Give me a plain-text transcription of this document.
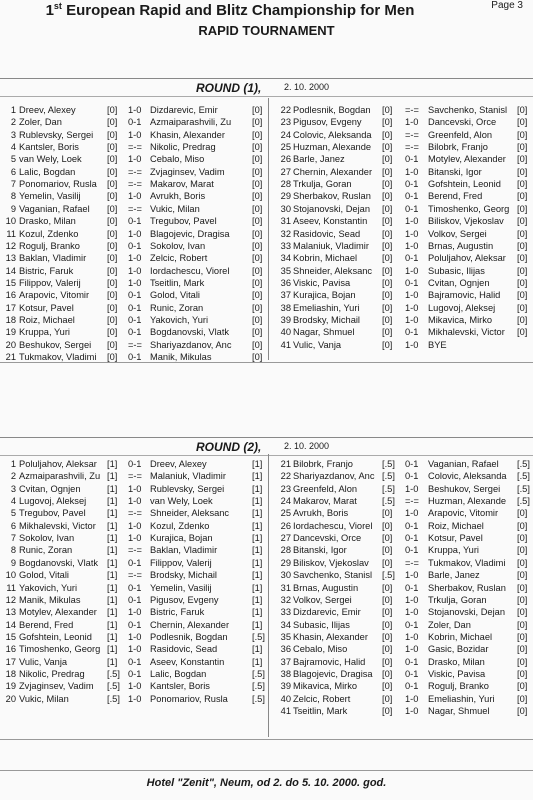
1st European Rapid and Blitz Championship for Men	Page 3
RAPID TOURNAMENT
ROUND (1),	2. 10. 2000
1 Dreev, Alexey	[0]	1-0 Dizdarevic, Emir	[0]	22 Podlesnik, Bogdan	[0]	=-= Savchenko, Stanisl	[0]
2 Zoler, Dan	[0]	0-1 Azmaiparashvili, Zu	[0]	23 Pigusov, Evgeny	[0]	1-0	Dancevski, Orce	[0]
3 Rublevsky, Sergei	[0]	1-0 Khasin, Alexander	[0]	24 Colovic, Aleksanda	[0]	=-= Greenfeld, Alon	[0]
4 Kantsler, Boris	[0]	=-= Nikolic, Predrag	[0]	25 Huzman, Alexande	[0]	=-= Bilobrk, Franjo	[0]
5 van Wely, Loek	[0]	1-0 Cebalo, Miso	[0]	26 Barle, Janez	[0]	0-1	Motylev, Alexander	[0]
6 Lalic, Bogdan	[0]	=-= Zvjaginsev, Vadim	[0]	27 Chernin, Alexander	[0]	1-0	Bitanski, Igor	[0]
7 Ponomariov, Rusla	[0]	=-= Makarov, Marat	[0]	28 Trkulja, Goran	[0]	0-1	Gofshtein, Leonid	[0]
8 Yemelin, Vasilij	[0]	1-0 Avrukh, Boris	[0]	29 Sherbakov, Ruslan	[0]	0-1	Berend, Fred	[0]
9 Vaganian, Rafael	[0]	=-= Vukic, Milan	[0]	30 Stojanovski, Dejan	[0]	0-1	Timoshenko, Georg [0]
10 Drasko, Milan	[0]	0-1 Tregubov, Pavel	[0]	31 Aseev, Konstantin	[0]	1-0	Biliskov, Vjekoslav	[0]
11 Kozul, Zdenko	[0]	1-0 Blagojevic, Dragisa	[0]	32 Rasidovic, Sead	[0]	1-0	Volkov, Sergei	[0]
12 Rogulj, Branko	[0]	0-1 Sokolov, Ivan	[0]	33 Malaniuk, Vladimir	[0]	1-0	Brnas, Augustin	[0]
13 Baklan, Vladimir	[0]	1-0 Zelcic, Robert	[0]	34 Kobrin, Michael	[0]	0-1	Poluljahov, Aleksar	[0]
14 Bistric, Faruk	[0]	1-0 Iordachescu, Viorel	[0]	35 Shneider, Aleksanc	[0]	1-0	Subasic, Ilijas	[0]
15 Filippov, Valerij	[0]	1-0 Tseitlin, Mark	[0]	36 Viskic, Pavisa	[0]	0-1	Cvitan, Ognjen	[0]
16 Arapovic, Vitomir	[0]	0-1 Golod, Vitali	[0]	37 Kurajica, Bojan	[0]	1-0	Bajramovic, Halid	[0]
17 Kotsur, Pavel	[0]	0-1 Runic, Zoran	[0]	38 Emeliashin, Yuri	[0]	1-0	Lugovoj, Aleksej	[0]
18 Roiz, Michael	[0]	0-1 Yakovich, Yuri	[0]	39 Brodsky, Michail	[0]	1-0	Mikavica, Mirko	[0]
19 Kruppa, Yuri	[0]	0-1 Bogdanovski, Vlatk	[0]	40 Nagar, Shmuel	[0]	0-1	Mikhalevski, Victor	[0]
20 Beshukov, Sergei	[0]	=-= Shariyazdanov, Anc	[0]	41 Vulic, Vanja	[0]	1-0	BYE
21 Tukmakov, Vladimi	[0]	0-1 Manik, Mikulas	[0]
ROUND (2),	2. 10. 2000
1 Poluljahov, Aleksar	[1]	0-1 Dreev, Alexey	[1]	21 Bilobrk, Franjo	[.5]	0-1	Vaganian, Rafael	[.5]
2 Azmaiparashvili, Zu [1]	=-= Malaniuk, Vladimir	[1]	22 Shariyazdanov, Anc [.5]	0-1	Colovic, Aleksanda	[.5]
3 Cvitan, Ognjen	[1]	1-0 Rublevsky, Sergei	[1]	23 Greenfeld, Alon	[.5]	1-0	Beshukov, Sergei	[.5]
4 Lugovoj, Aleksej	[1]	1-0 van Wely, Loek	[1]	24 Makarov, Marat	[.5]	=-= Huzman, Alexande	[.5]
5 Tregubov, Pavel	[1]	=-= Shneider, Aleksanc	[1]	25 Avrukh, Boris	[0]	1-0	Arapovic, Vitomir	[0]
6 Mikhalevski, Victor	[1]	1-0 Kozul, Zdenko	[1]	26 Iordachescu, Viorel	[0]	0-1	Roiz, Michael	[0]
7 Sokolov, Ivan	[1]	1-0 Kurajica, Bojan	[1]	27 Dancevski, Orce	[0]	0-1	Kotsur, Pavel	[0]
8 Runic, Zoran	[1]	=-= Baklan, Vladimir	[1]	28 Bitanski, Igor	[0]	0-1	Kruppa, Yuri	[0]
9 Bogdanovski, Vlatk [1]	0-1 Filippov, Valerij	[1]	29 Biliskov, Vjekoslav	[0]	=-= Tukmakov, Vladimi	[0]
10 Golod, Vitali	[1]	=-= Brodsky, Michail	[1]	30 Savchenko, Stanisl	[.5]	1-0	Barle, Janez	[0]
11 Yakovich, Yuri	[1]	0-1 Yemelin, Vasilij	[1]	31 Brnas, Augustin	[0]	0-1	Sherbakov, Ruslan	[0]
12 Manik, Mikulas	[1]	0-1 Pigusov, Evgeny	[1]	32 Volkov, Sergei	[0]	1-0	Trkulja, Goran	[0]
13 Motylev, Alexander	[1]	1-0 Bistric, Faruk	[1]	33 Dizdarevic, Emir	[0]	1-0	Stojanovski, Dejan	[0]
14 Berend, Fred	[1]	0-1 Chernin, Alexander	[1]	34 Subasic, Ilijas	[0]	0-1	Zoler, Dan	[0]
15 Gofshtein, Leonid	[1]	1-0 Podlesnik, Bogdan	[.5]	35 Khasin, Alexander	[0]	1-0	Kobrin, Michael	[0]
16 Timoshenko, Georg [1]	1-0 Rasidovic, Sead	[1]	36 Cebalo, Miso	[0]	1-0	Gasic, Bozidar	[0]
17 Vulic, Vanja	[1]	0-1 Aseev, Konstantin	[1]	37 Bajramovic, Halid	[0]	0-1	Drasko, Milan	[0]
18 Nikolic, Predrag	[.5] 0-1 Lalic, Bogdan	[.5]	38 Blagojevic, Dragisa	[0]	0-1	Viskic, Pavisa	[0]
19 Zvjaginsev, Vadim	[.5] 1-0 Kantsler, Boris	[.5]	39 Mikavica, Mirko	[0]	0-1	Rogulj, Branko	[0]
20 Vukic, Milan	[.5] 1-0 Ponomariov, Rusla	[.5]	40 Zelcic, Robert	[0]	1-0	Emeliashin, Yuri	[0]
41 Tseitlin, Mark	[0]	1-0	Nagar, Shmuel	[0]
Hotel "Zenit", Neum, od 2. do 5. 10. 2000. god.
